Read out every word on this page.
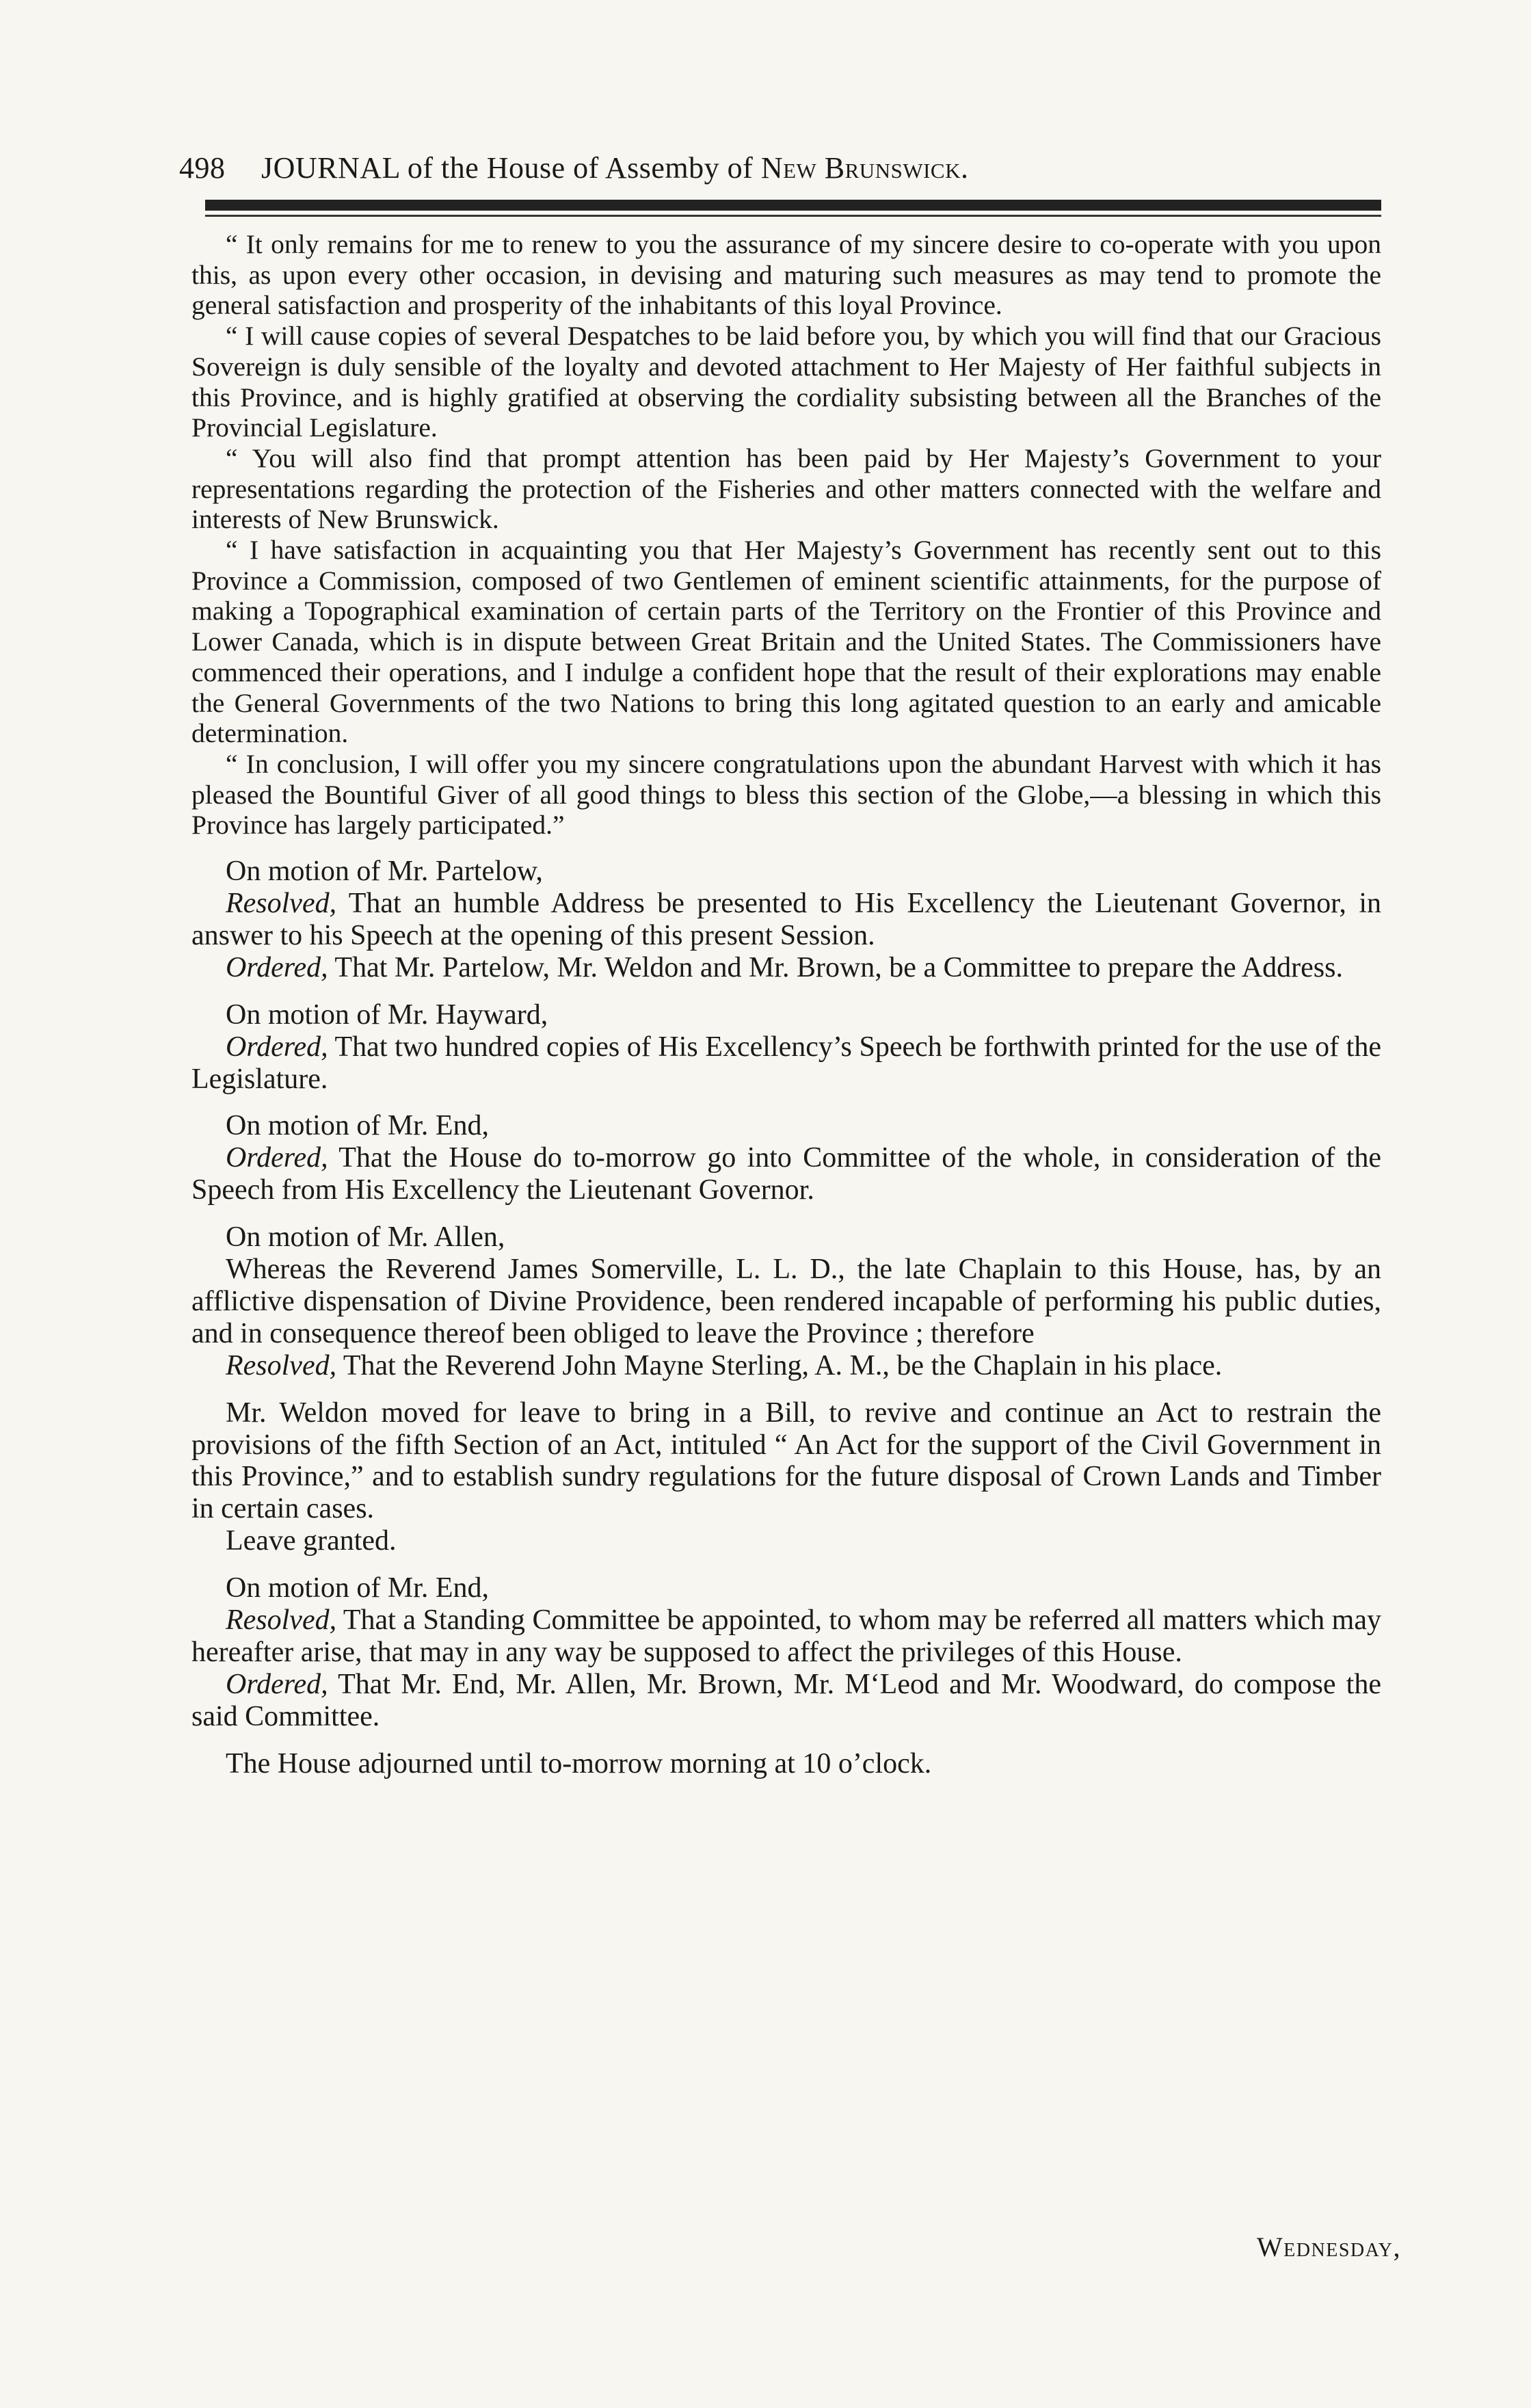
498 JOURNAL of the House of Assemby of New Brunswick.

“ It only remains for me to renew to you the assurance of my sincere desire to co-operate with you upon this, as upon every other occasion, in devising and maturing such measures as may tend to promote the general satisfaction and prosperity of the inhabitants of this loyal Province.

“ I will cause copies of several Despatches to be laid before you, by which you will find that our Gracious Sovereign is duly sensible of the loyalty and devoted attachment to Her Majesty of Her faithful subjects in this Province, and is highly gratified at observing the cordiality subsisting between all the Branches of the Provincial Legislature.

“ You will also find that prompt attention has been paid by Her Majesty’s Government to your representations regarding the protection of the Fisheries and other matters connected with the welfare and interests of New Brunswick.

“ I have satisfaction in acquainting you that Her Majesty’s Government has recently sent out to this Province a Commission, composed of two Gentlemen of eminent scientific attainments, for the purpose of making a Topographical examination of certain parts of the Territory on the Frontier of this Province and Lower Canada, which is in dispute between Great Britain and the United States. The Commissioners have commenced their operations, and I indulge a confident hope that the result of their explorations may enable the General Governments of the two Nations to bring this long agitated question to an early and amicable determination.

“ In conclusion, I will offer you my sincere congratulations upon the abundant Harvest with which it has pleased the Bountiful Giver of all good things to bless this section of the Globe,—a blessing in which this Province has largely participated.”

On motion of Mr. Partelow,

Resolved, That an humble Address be presented to His Excellency the Lieutenant Governor, in answer to his Speech at the opening of this present Session.

Ordered, That Mr. Partelow, Mr. Weldon and Mr. Brown, be a Committee to prepare the Address.

On motion of Mr. Hayward,

Ordered, That two hundred copies of His Excellency’s Speech be forthwith printed for the use of the Legislature.

On motion of Mr. End,

Ordered, That the House do to-morrow go into Committee of the whole, in consideration of the Speech from His Excellency the Lieutenant Governor.

On motion of Mr. Allen,

Whereas the Reverend James Somerville, L. L. D., the late Chaplain to this House, has, by an afflictive dispensation of Divine Providence, been rendered incapable of performing his public duties, and in consequence thereof been obliged to leave the Province ; therefore

Resolved, That the Reverend John Mayne Sterling, A. M., be the Chaplain in his place.

Mr. Weldon moved for leave to bring in a Bill, to revive and continue an Act to restrain the provisions of the fifth Section of an Act, intituled “ An Act for the support of the Civil Government in this Province,” and to establish sundry regulations for the future disposal of Crown Lands and Timber in certain cases.

Leave granted.

On motion of Mr. End,

Resolved, That a Standing Committee be appointed, to whom may be referred all matters which may hereafter arise, that may in any way be supposed to affect the privileges of this House.

Ordered, That Mr. End, Mr. Allen, Mr. Brown, Mr. M‘Leod and Mr. Woodward, do compose the said Committee.

The House adjourned until to-morrow morning at 10 o’clock.

Wednesday,
